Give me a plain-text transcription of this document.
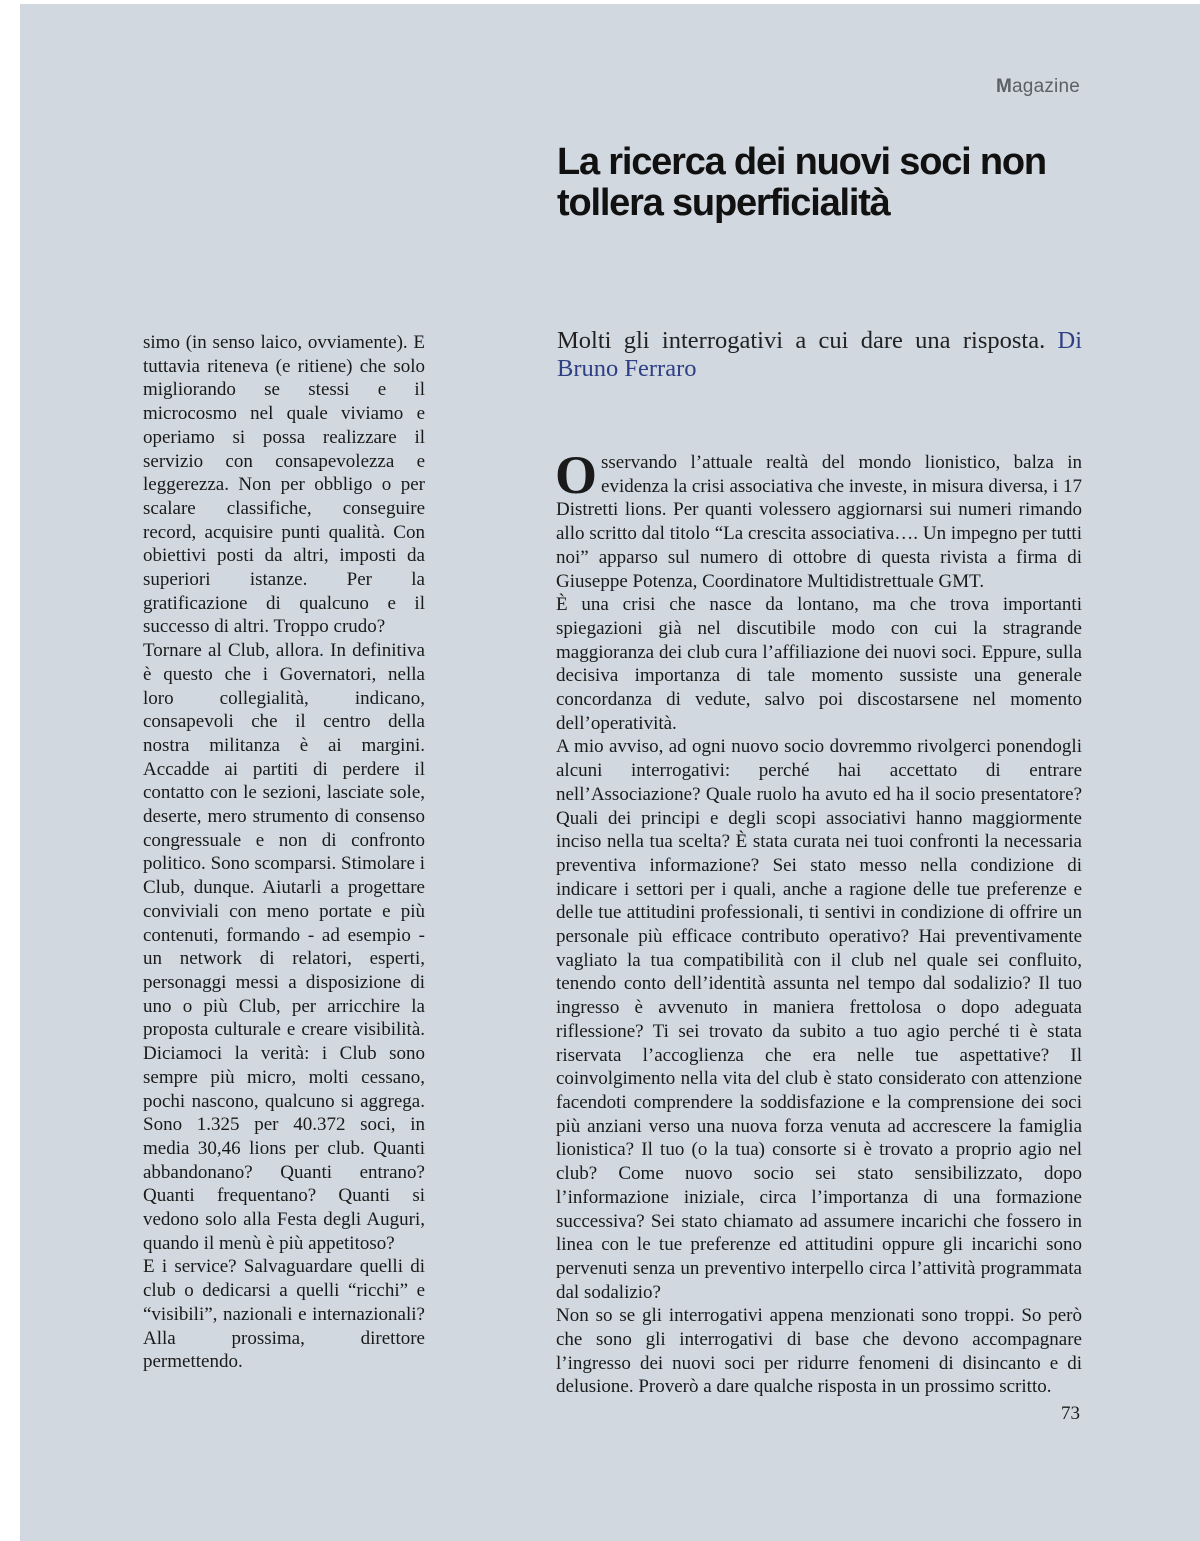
Magazine

La ricerca dei nuovi soci non tollera superficialità

Molti gli interrogativi a cui dare una risposta. Di Bruno Ferraro

simo (in senso laico, ovviamente). E tuttavia riteneva (e ritiene) che solo migliorando se stessi e il microcosmo nel quale viviamo e operiamo si possa realizzare il servizio con consapevolezza e leggerezza. Non per obbligo o per scalare classifiche, conseguire record, acquisire punti qualità. Con obiettivi posti da altri, imposti da superiori istanze. Per la gratificazione di qualcuno e il successo di altri. Troppo crudo?

Tornare al Club, allora. In definitiva è questo che i Governatori, nella loro collegialità, indicano, consapevoli che il centro della nostra militanza è ai margini. Accadde ai partiti di perdere il contatto con le sezioni, lasciate sole, deserte, mero strumento di consenso congressuale e non di confronto politico. Sono scomparsi. Stimolare i Club, dunque. Aiutarli a progettare conviviali con meno portate e più contenuti, formando - ad esempio - un network di relatori, esperti, personaggi messi a disposizione di uno o più Club, per arricchire la proposta culturale e creare visibilità. Diciamoci la verità: i Club sono sempre più micro, molti cessano, pochi nascono, qualcuno si aggrega. Sono 1.325 per 40.372 soci, in media 30,46 lions per club. Quanti abbandonano? Quanti entrano? Quanti frequentano? Quanti si vedono solo alla Festa degli Auguri, quando il menù è più appetitoso?

E i service? Salvaguardare quelli di club o dedicarsi a quelli “ricchi” e “visibili”, nazionali e internazionali? Alla prossima, direttore permettendo.

Osservando l’attuale realtà del mondo lionistico, balza in evidenza la crisi associativa che investe, in misura diversa, i 17 Distretti lions. Per quanti volessero aggiornarsi sui numeri rimando allo scritto dal titolo “La crescita associativa…. Un impegno per tutti noi” apparso sul numero di ottobre di questa rivista a firma di Giuseppe Potenza, Coordinatore Multidistrettuale GMT.

È una crisi che nasce da lontano, ma che trova importanti spiegazioni già nel discutibile modo con cui la stragrande maggioranza dei club cura l’affiliazione dei nuovi soci. Eppure, sulla decisiva importanza di tale momento sussiste una generale concordanza di vedute, salvo poi discostarsene nel momento dell’operatività.

A mio avviso, ad ogni nuovo socio dovremmo rivolgerci ponendogli alcuni interrogativi: perché hai accettato di entrare nell’Associazione? Quale ruolo ha avuto ed ha il socio presentatore? Quali dei principi e degli scopi associativi hanno maggiormente inciso nella tua scelta? È stata curata nei tuoi confronti la necessaria preventiva informazione? Sei stato messo nella condizione di indicare i settori per i quali, anche a ragione delle tue preferenze e delle tue attitudini professionali, ti sentivi in condizione di offrire un personale più efficace contributo operativo? Hai preventivamente vagliato la tua compatibilità con il club nel quale sei confluito, tenendo conto dell’identità assunta nel tempo dal sodalizio? Il tuo ingresso è avvenuto in maniera frettolosa o dopo adeguata riflessione? Ti sei trovato da subito a tuo agio perché ti è stata riservata l’accoglienza che era nelle tue aspettative? Il coinvolgimento nella vita del club è stato considerato con attenzione facendoti comprendere la soddisfazione e la comprensione dei soci più anziani verso una nuova forza venuta ad accrescere la famiglia lionistica? Il tuo (o la tua) consorte si è trovato a proprio agio nel club? Come nuovo socio sei stato sensibilizzato, dopo l’informazione iniziale, circa l’importanza di una formazione successiva? Sei stato chiamato ad assumere incarichi che fossero in linea con le tue preferenze ed attitudini oppure gli incarichi sono pervenuti senza un preventivo interpello circa l’attività programmata dal sodalizio?

Non so se gli interrogativi appena menzionati sono troppi. So però che sono gli interrogativi di base che devono accompagnare l’ingresso dei nuovi soci per ridurre fenomeni di disincanto e di delusione. Proverò a dare qualche risposta in un prossimo scritto.

73
